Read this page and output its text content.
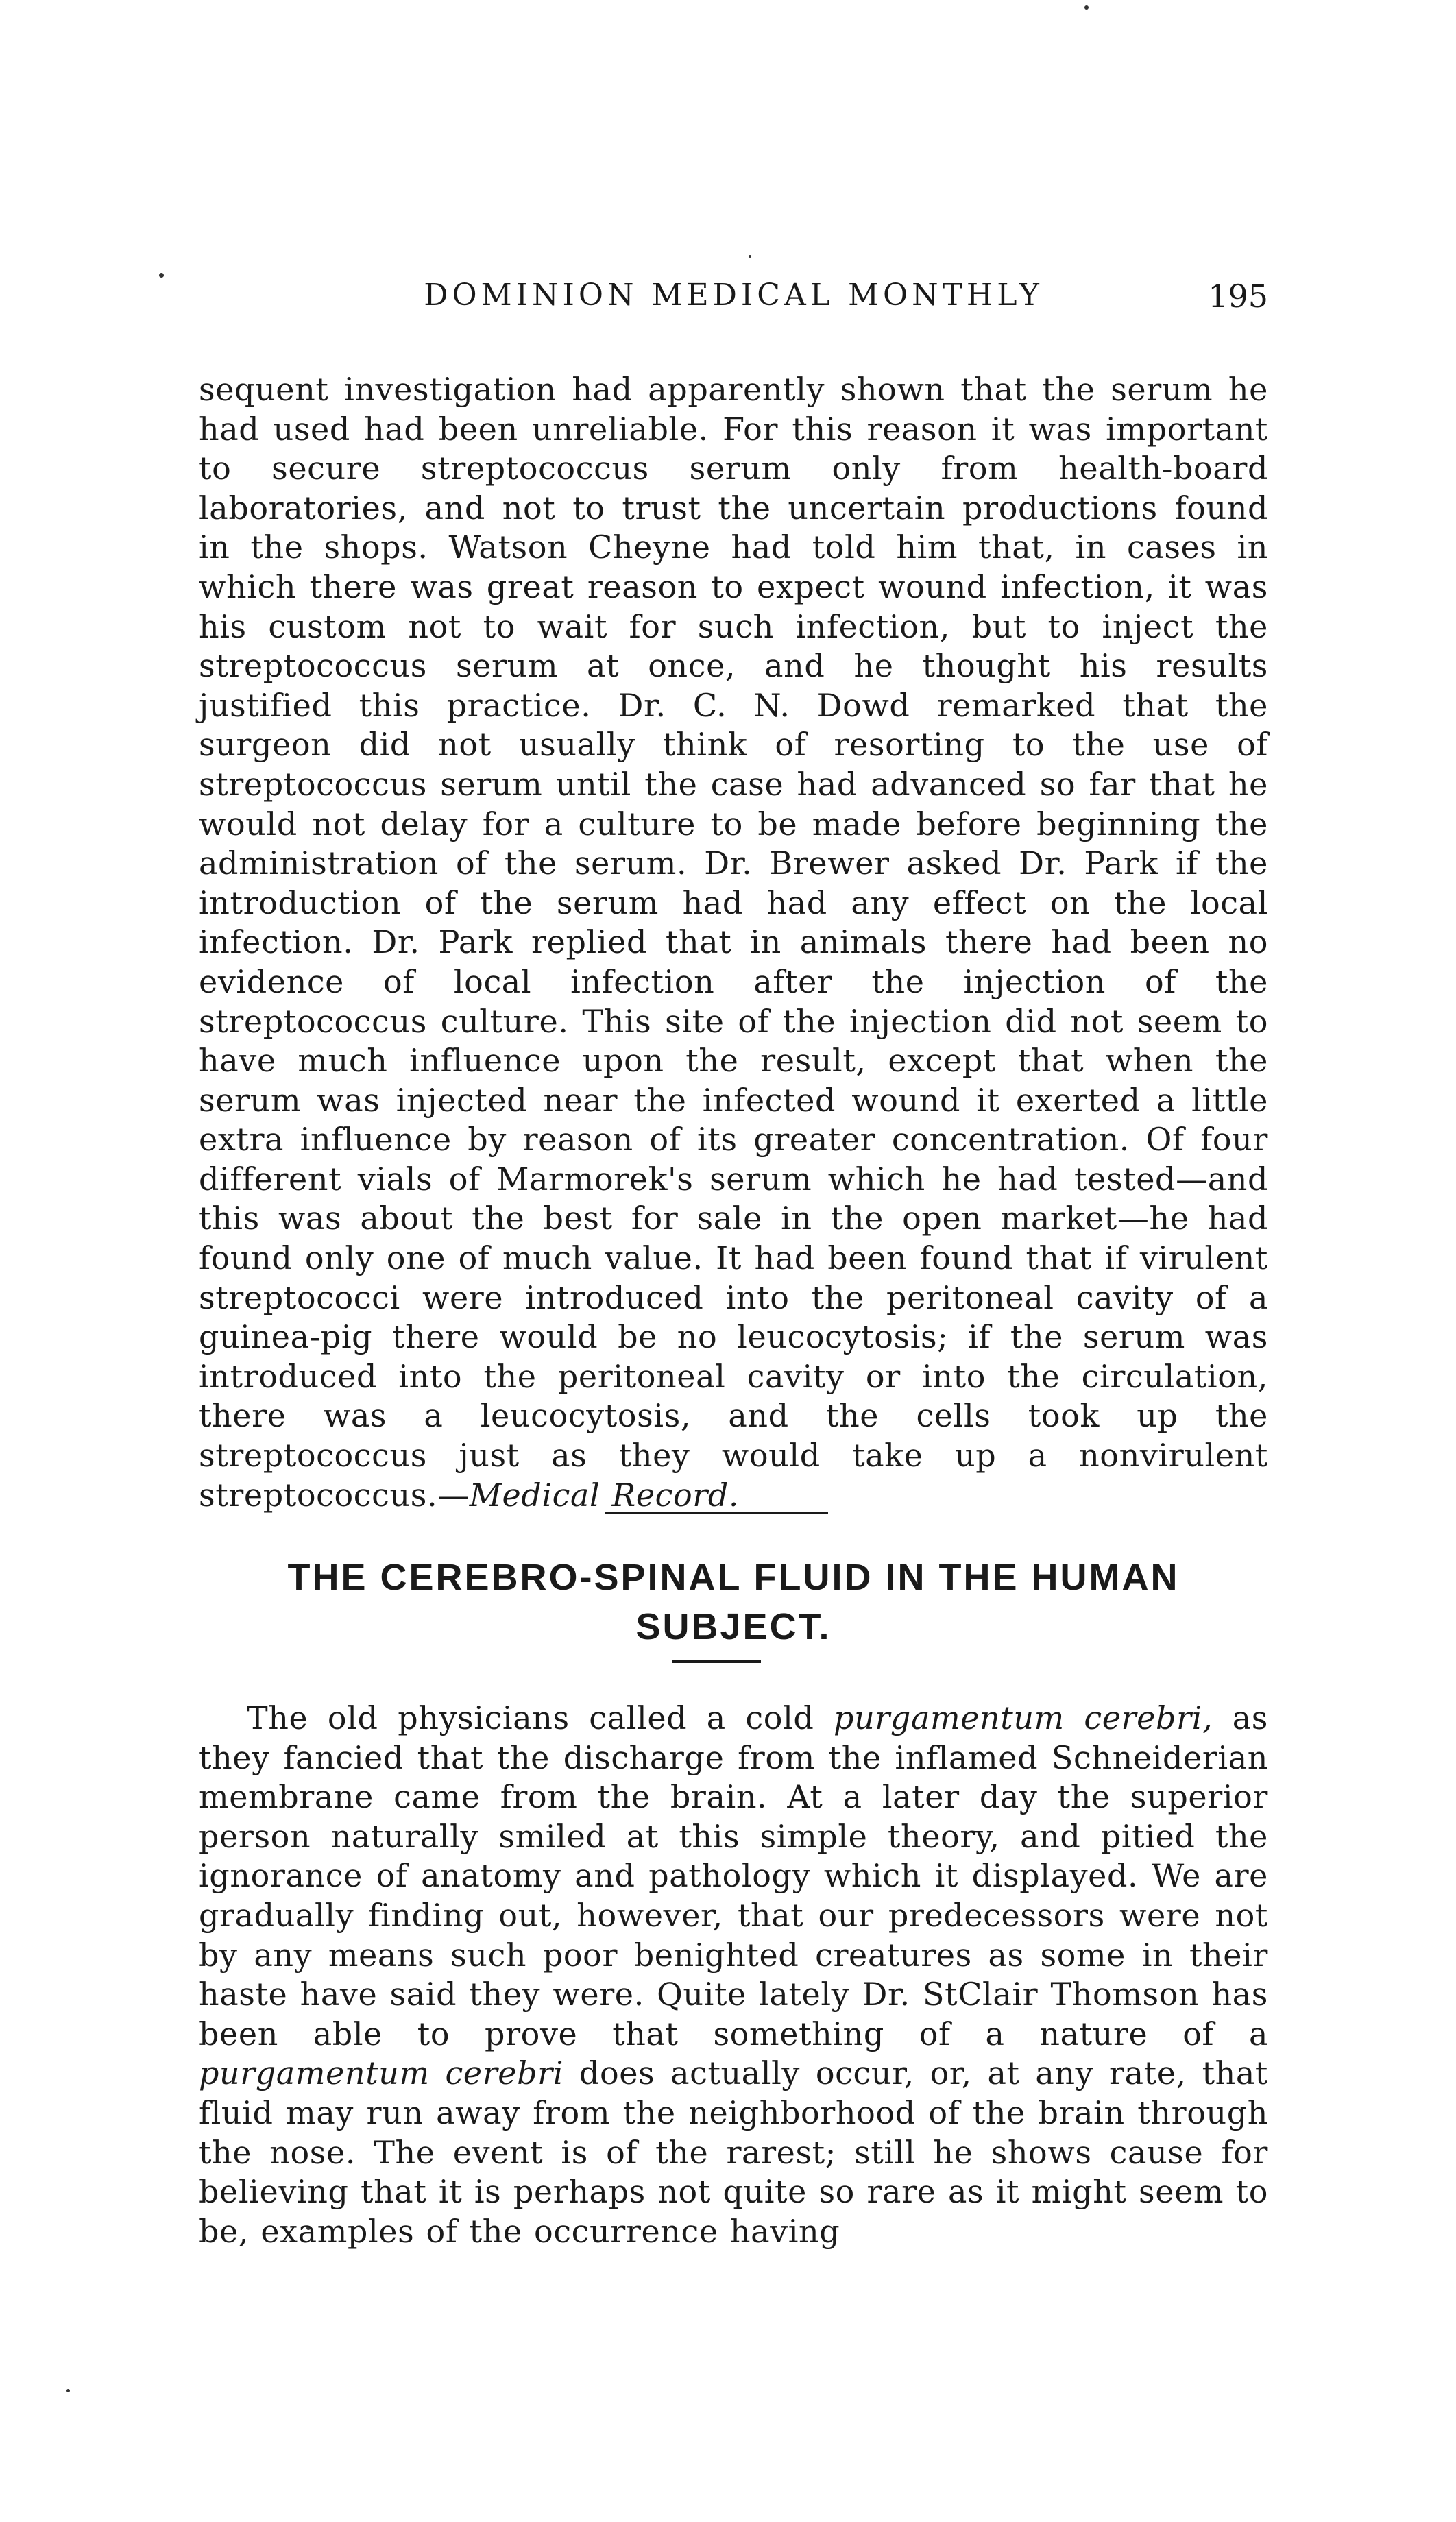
DOMINION MEDICAL MONTHLY	195

sequent investigation had apparently shown that the serum he had used had been unreliable. For this reason it was important to secure streptococcus serum only from health-board laboratories, and not to trust the uncertain productions found in the shops. Watson Cheyne had told him that, in cases in which there was great reason to expect wound infection, it was his custom not to wait for such infection, but to inject the streptococcus serum at once, and he thought his results justified this practice. Dr. C. N. Dowd remarked that the surgeon did not usually think of resorting to the use of streptococcus serum until the case had advanced so far that he would not delay for a culture to be made before beginning the administration of the serum. Dr. Brewer asked Dr. Park if the introduction of the serum had had any effect on the local infection. Dr. Park replied that in animals there had been no evidence of local infection after the injection of the streptococcus culture. This site of the injection did not seem to have much influence upon the result, except that when the serum was injected near the infected wound it exerted a little extra influence by reason of its greater concentration. Of four different vials of Marmorek's serum which he had tested—and this was about the best for sale in the open market—he had found only one of much value. It had been found that if virulent streptococci were introduced into the peritoneal cavity of a guinea-pig there would be no leucocytosis; if the serum was introduced into the peritoneal cavity or into the circulation, there was a leucocytosis, and the cells took up the streptococcus just as they would take up a nonvirulent streptococcus.—Medical Record.

THE CEREBRO-SPINAL FLUID IN THE HUMAN SUBJECT.

The old physicians called a cold purgamentum cerebri, as they fancied that the discharge from the inflamed Schneiderian membrane came from the brain. At a later day the superior person naturally smiled at this simple theory, and pitied the ignorance of anatomy and pathology which it displayed. We are gradually finding out, however, that our predecessors were not by any means such poor benighted creatures as some in their haste have said they were. Quite lately Dr. StClair Thomson has been able to prove that something of a nature of a purgamentum cerebri does actually occur, or, at any rate, that fluid may run away from the neighborhood of the brain through the nose. The event is of the rarest; still he shows cause for believing that it is perhaps not quite so rare as it might seem to be, examples of the occurrence having
